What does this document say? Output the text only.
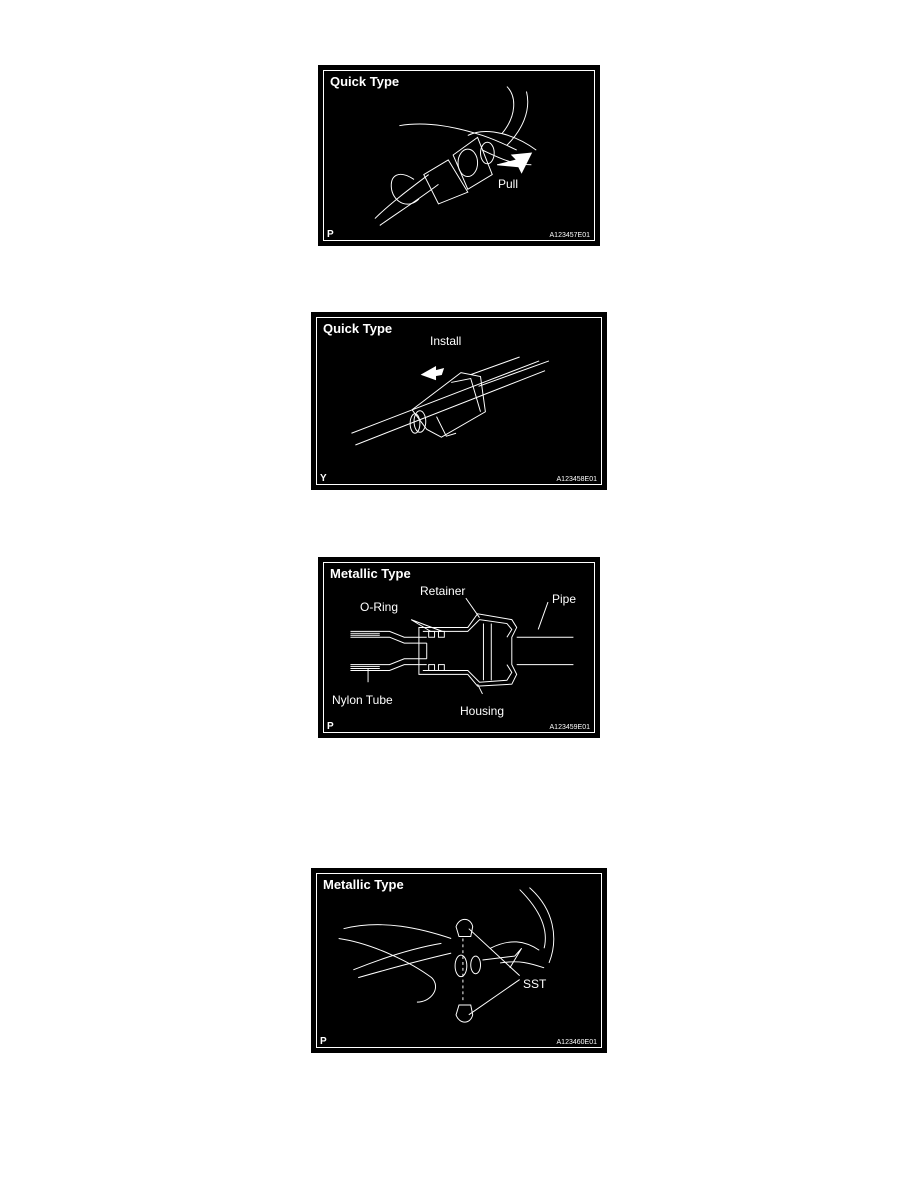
Quick Type
Pull
A123457E01
P
Quick Type
Install
A123458E01
Y
Metallic Type
Retainer
Pipe
O-Ring
Nylon Tube
Housing
A123459E01
P
Metallic Type
SST
A123460E01
P
